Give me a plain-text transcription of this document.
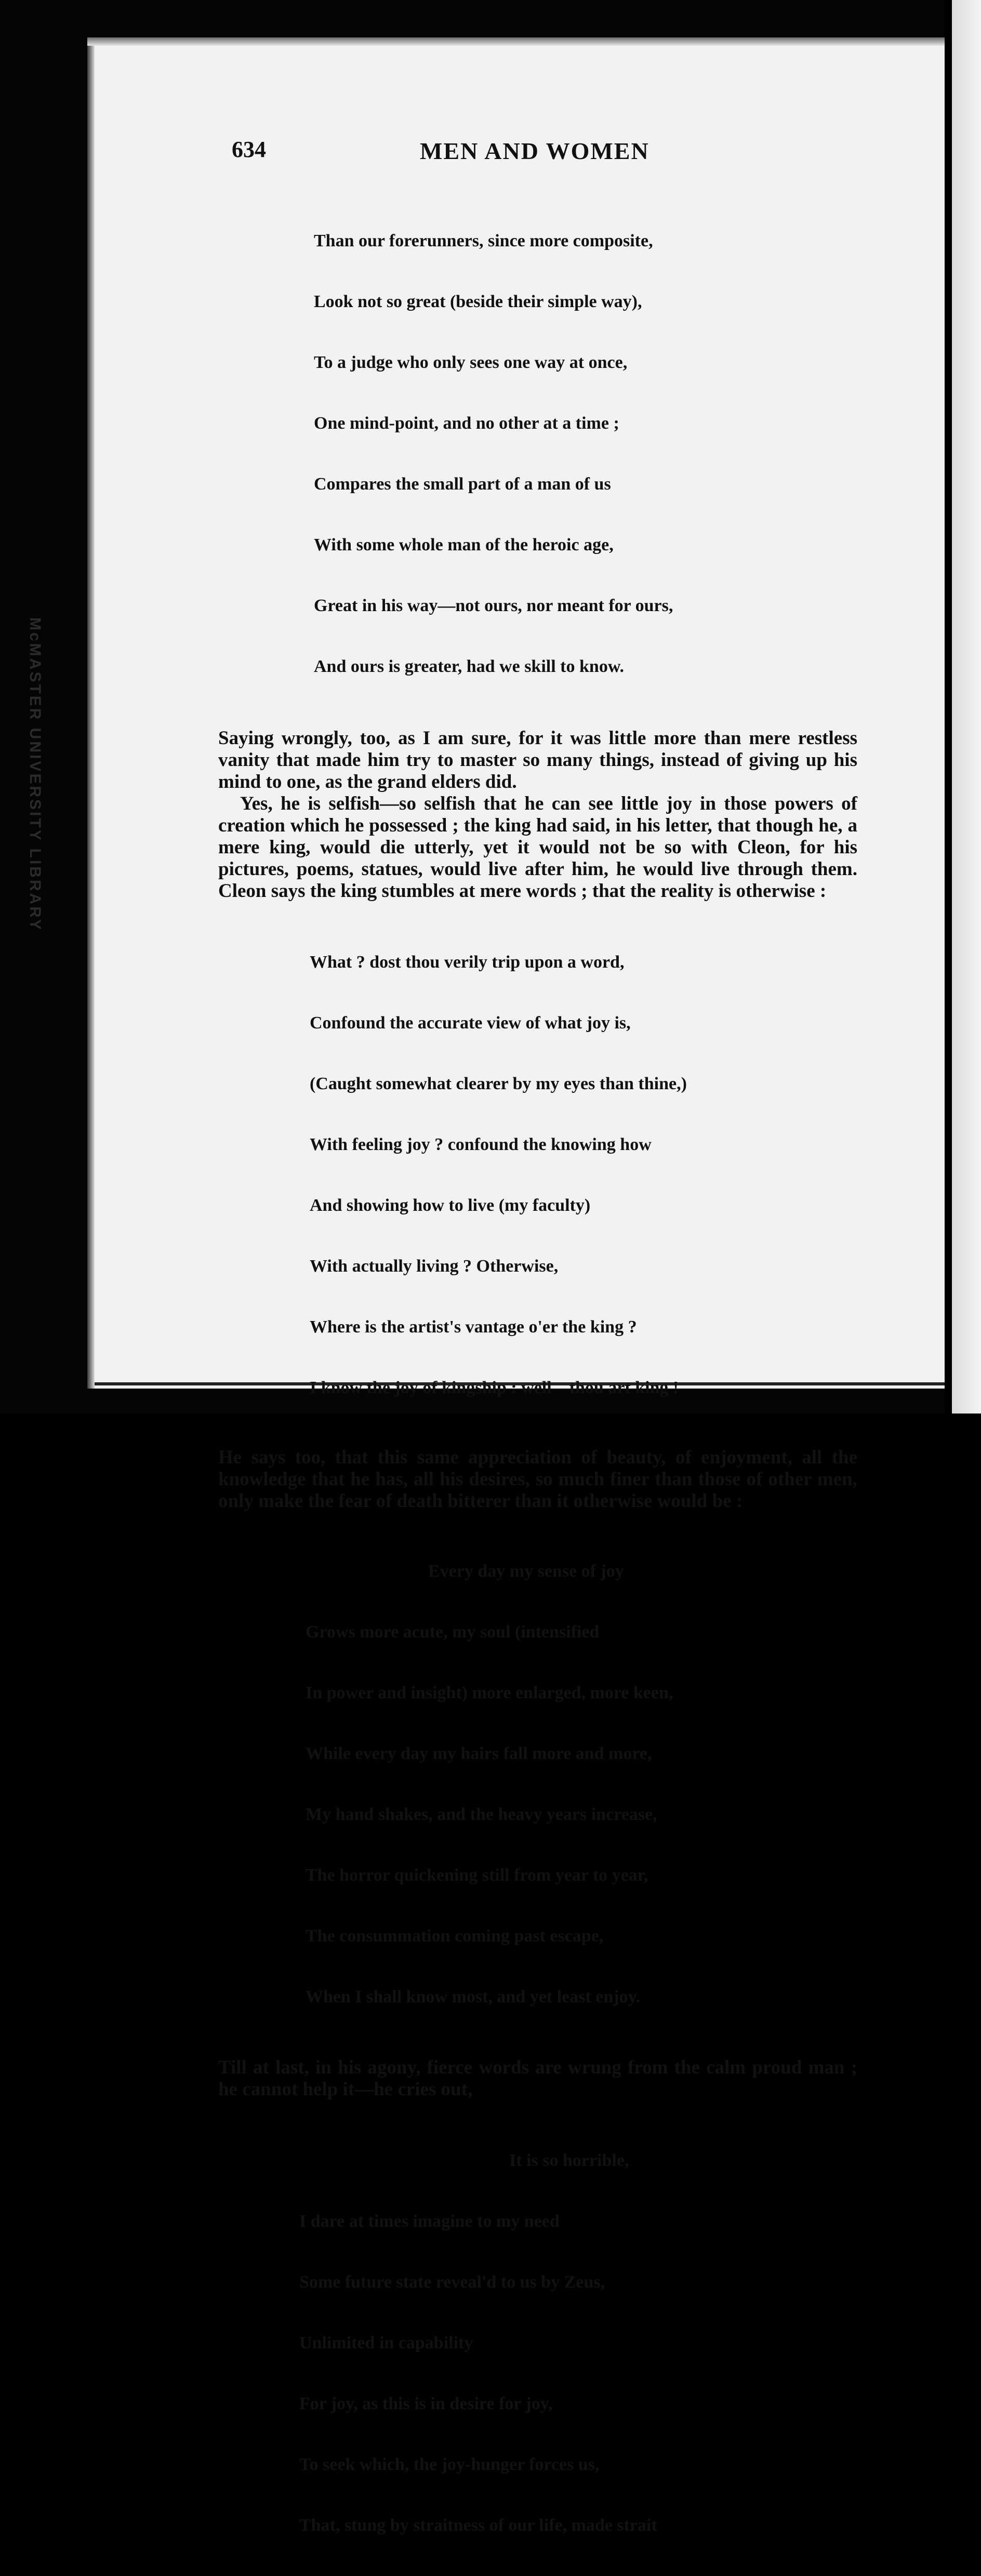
McMASTER UNIVERSITY LIBRARY
634	MEN AND WOMEN

Than our forerunners, since more composite,

Look not so great (beside their simple way),

To a judge who only sees one way at once,

One mind-point, and no other at a time ;

Compares the small part of a man of us

With some whole man of the heroic age,

Great in his way—not ours, nor meant for ours,

And ours is greater, had we skill to know.

Saying wrongly, too, as I am sure, for it was little more than mere restless vanity that made him try to master so many things, instead of giving up his mind to one, as the grand elders did.

Yes, he is selfish—so selfish that he can see little joy in those powers of creation which he possessed ; the king had said, in his letter, that though he, a mere king, would die utterly, yet it would not be so with Cleon, for his pictures, poems, statues, would live after him, he would live through them. Cleon says the king stumbles at mere words ; that the reality is otherwise :

What ? dost thou verily trip upon a word,

Confound the accurate view of what joy is,

(Caught somewhat clearer by my eyes than thine,)

With feeling joy ? confound the knowing how

And showing how to live (my faculty)

With actually living ? Otherwise,

Where is the artist's vantage o'er the king ?

I know the joy of kingship : well—thou art king !

He says too, that this same appreciation of beauty, of enjoyment, all the knowledge that he has, all his desires, so much finer than those of other men, only make the fear of death bitterer than it otherwise would be :

Every day my sense of joy

Grows more acute, my soul (intensified

In power and insight) more enlarged, more keen,

While every day my hairs fall more and more,

My hand shakes, and the heavy years increase,

The horror quickening still from year to year,

The consummation coming past escape,

When I shall know most, and yet least enjoy.

Till at last, in his agony, fierce words are wrung from the calm proud man ; he cannot help it—he cries out,

It is so horrible,

I dare at times imagine to my need

Some future state reveal'd to us by Zeus,

Unlimited in capability

For joy, as this is in desire for joy,

To seek which, the joy-hunger forces us,

That, stung by straitness of our life, made strait
